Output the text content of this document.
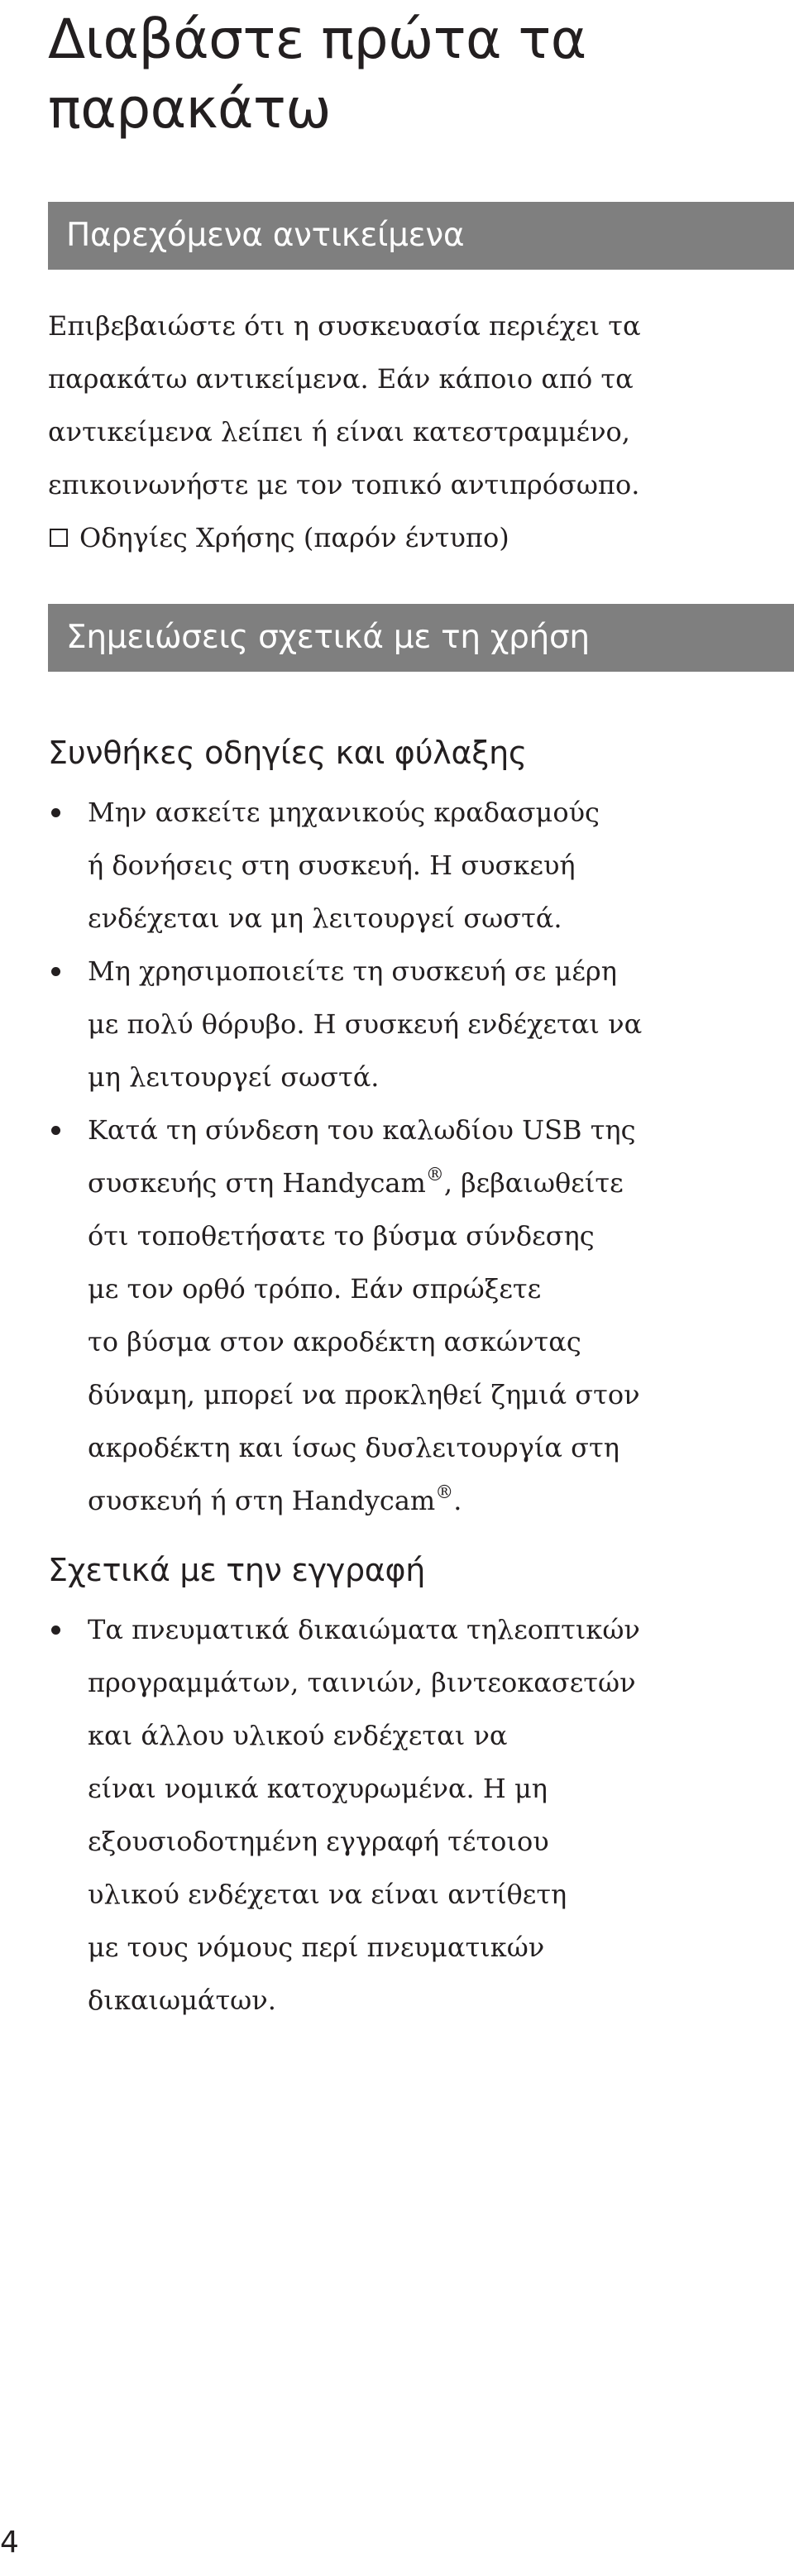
Διαβάστε πρώτα τα
παρακάτω
Παρεχόμενα αντικείμενα
Επιβεβαιώστε ότι η συσκευασία περιέχει τα
παρακάτω αντικείμενα. Εάν κάποιο από τα
αντικείμενα λείπει ή είναι κατεστραμμένο,
επικοινωνήστε με τον τοπικό αντιπρόσωπο.
Οδηγίες Χρήσης (παρόν έντυπο)
Σημειώσεις σχετικά με τη χρήση
Συνθήκες οδηγίες και φύλαξης
Μην ασκείτε μηχανικούς κραδασμούς
ή δονήσεις στη συσκευή. Η συσκευή
ενδέχεται να μη λειτουργεί σωστά.
Μη χρησιμοποιείτε τη συσκευή σε μέρη
με πολύ θόρυβο. Η συσκευή ενδέχεται να
μη λειτουργεί σωστά.
Κατά τη σύνδεση του καλωδίου USB της
συσκευής στη Handycam®, βεβαιωθείτε
ότι τοποθετήσατε το βύσμα σύνδεσης
με τον ορθό τρόπο. Εάν σπρώξετε
το βύσμα στον ακροδέκτη ασκώντας
δύναμη, μπορεί να προκληθεί ζημιά στον
ακροδέκτη και ίσως δυσλειτουργία στη
συσκευή ή στη Handycam®.
Σχετικά με την εγγραφή
Τα πνευματικά δικαιώματα τηλεοπτικών
προγραμμάτων, ταινιών, βιντεοκασετών
και άλλου υλικού ενδέχεται να
είναι νομικά κατοχυρωμένα. Η μη
εξουσιοδοτημένη εγγραφή τέτοιου
υλικού ενδέχεται να είναι αντίθετη
με τους νόμους περί πνευματικών
δικαιωμάτων.
4
